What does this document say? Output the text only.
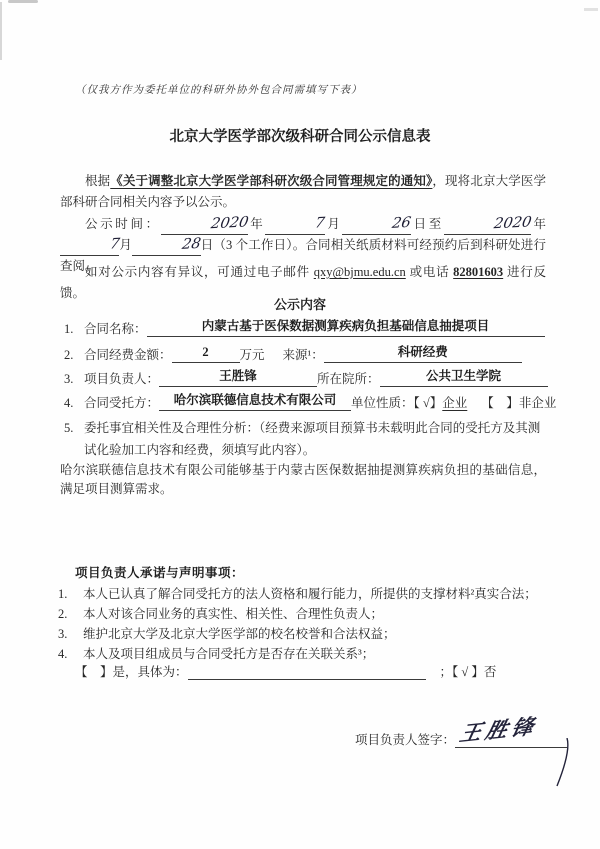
（仅我方作为委托单位的科研外协外包合同需填写下表）
北京大学医学部次级科研合同公示信息表

根据《关于调整北京大学医学部科研次级合同管理规定的通知》，现将北京大学医学部科研合同相关内容予以公示。

公示时间：	2020年	7月	26日至	2020年7月	28日（3 个工作日）。合同相关纸质材料可经预约后到科研处进行查阅。

如对公示内容有异议，可通过电子邮件 qxy@bjmu.edu.cn 或电话 82801603 进行反馈。

公示内容
1. 合同名称：	内蒙古基于医保数据测算疾病负担基础信息抽提项目
2. 合同经费金额： 2 万元 来源¹：	科研经费
3. 项目负责人：	王胜锋	所在院所：	公共卫生学院
4. 合同受托方： 哈尔滨联德信息技术有限公司 单位性质：【 √】企业 【　】非企业
5. 委托事宜相关性及合理性分析：（经费来源项目预算书未载明此合同的受托方及其测试化验加工内容和经费，须填写此内容）。

哈尔滨联德信息技术有限公司能够基于内蒙古医保数据抽提测算疾病负担的基础信息，满足项目测算需求。

项目负责人承诺与声明事项：
1.	本人已认真了解合同受托方的法人资格和履行能力，所提供的支撑材料²真实合法；
2.	本人对该合同业务的真实性、相关性、合理性负责人；
3.	维护北京大学及北京大学医学部的校名校誉和合法权益；
4.	本人及项目组成员与合同受托方是否存在关联关系³；
【　】是，具体为：	；【 √ 】否
项目负责人签字： 王胜锋
